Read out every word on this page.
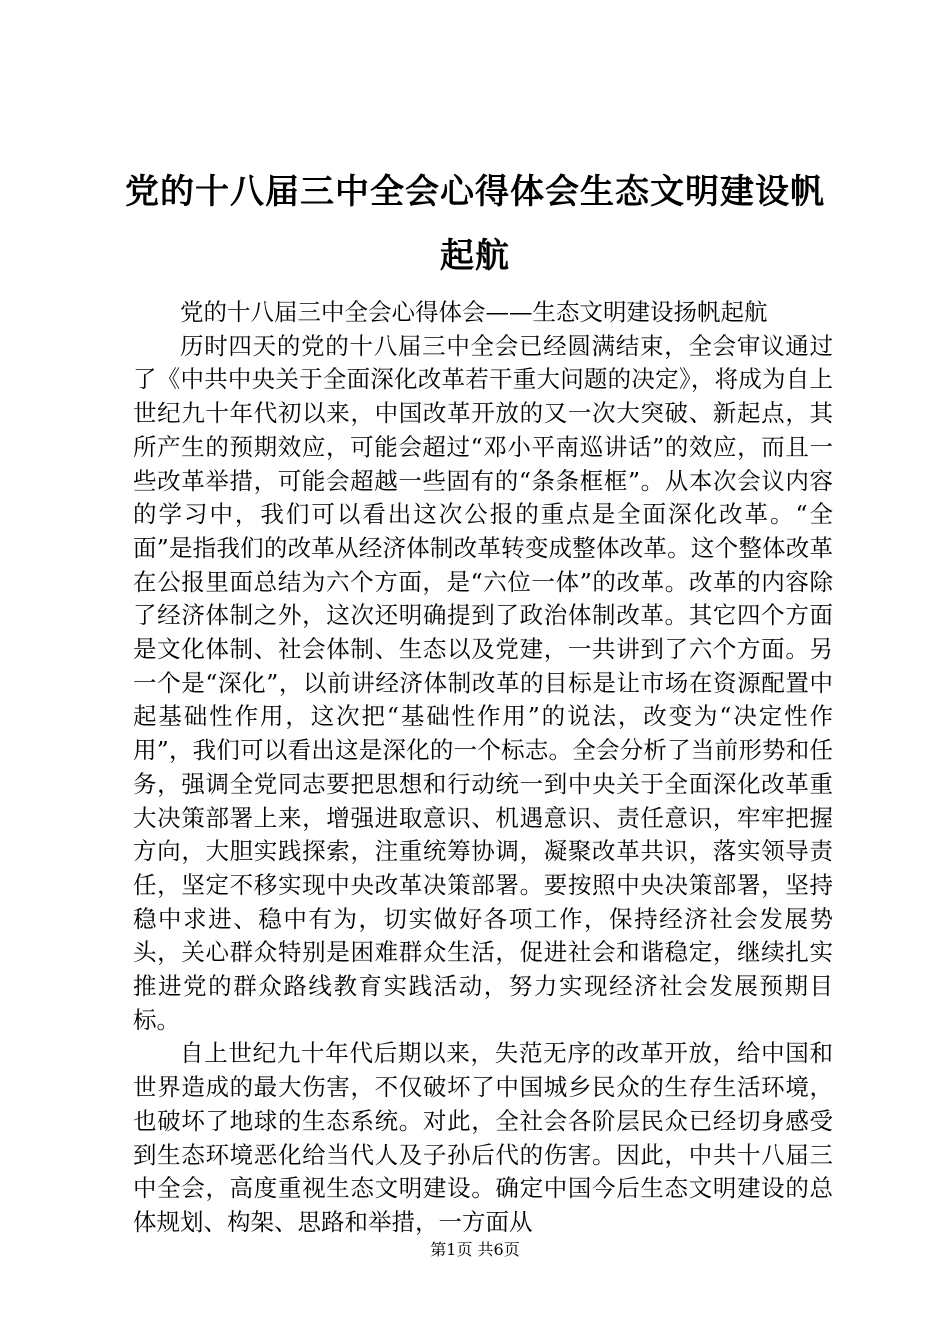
党的十八届三中全会心得体会生态文明建设帆起航

党的十八届三中全会心得体会——生态文明建设扬帆起航

历时四天的党的十八届三中全会已经圆满结束，全会审议通过了《中共中央关于全面深化改革若干重大问题的决定》，将成为自上世纪九十年代初以来，中国改革开放的又一次大突破、新起点，其所产生的预期效应，可能会超过“邓小平南巡讲话”的效应，而且一些改革举措，可能会超越一些固有的“条条框框”。从本次会议内容的学习中，我们可以看出这次公报的重点是全面深化改革。“全面”是指我们的改革从经济体制改革转变成整体改革。这个整体改革在公报里面总结为六个方面，是“六位一体”的改革。改革的内容除了经济体制之外，这次还明确提到了政治体制改革。其它四个方面是文化体制、社会体制、生态以及党建，一共讲到了六个方面。另一个是“深化”，以前讲经济体制改革的目标是让市场在资源配置中起基础性作用，这次把“基础性作用”的说法，改变为“决定性作用”，我们可以看出这是深化的一个标志。全会分析了当前形势和任务，强调全党同志要把思想和行动统一到中央关于全面深化改革重大决策部署上来，增强进取意识、机遇意识、责任意识，牢牢把握方向，大胆实践探索，注重统筹协调，凝聚改革共识，落实领导责任，坚定不移实现中央改革决策部署。要按照中央决策部署，坚持稳中求进、稳中有为，切实做好各项工作，保持经济社会发展势头，关心群众特别是困难群众生活，促进社会和谐稳定，继续扎实推进党的群众路线教育实践活动，努力实现经济社会发展预期目标。

自上世纪九十年代后期以来，失范无序的改革开放，给中国和世界造成的最大伤害，不仅破坏了中国城乡民众的生存生活环境，也破坏了地球的生态系统。对此，全社会各阶层民众已经切身感受到生态环境恶化给当代人及子孙后代的伤害。因此，中共十八届三中全会，高度重视生态文明建设。确定中国今后生态文明建设的总体规划、构架、思路和举措，一方面从

第1页 共6页
